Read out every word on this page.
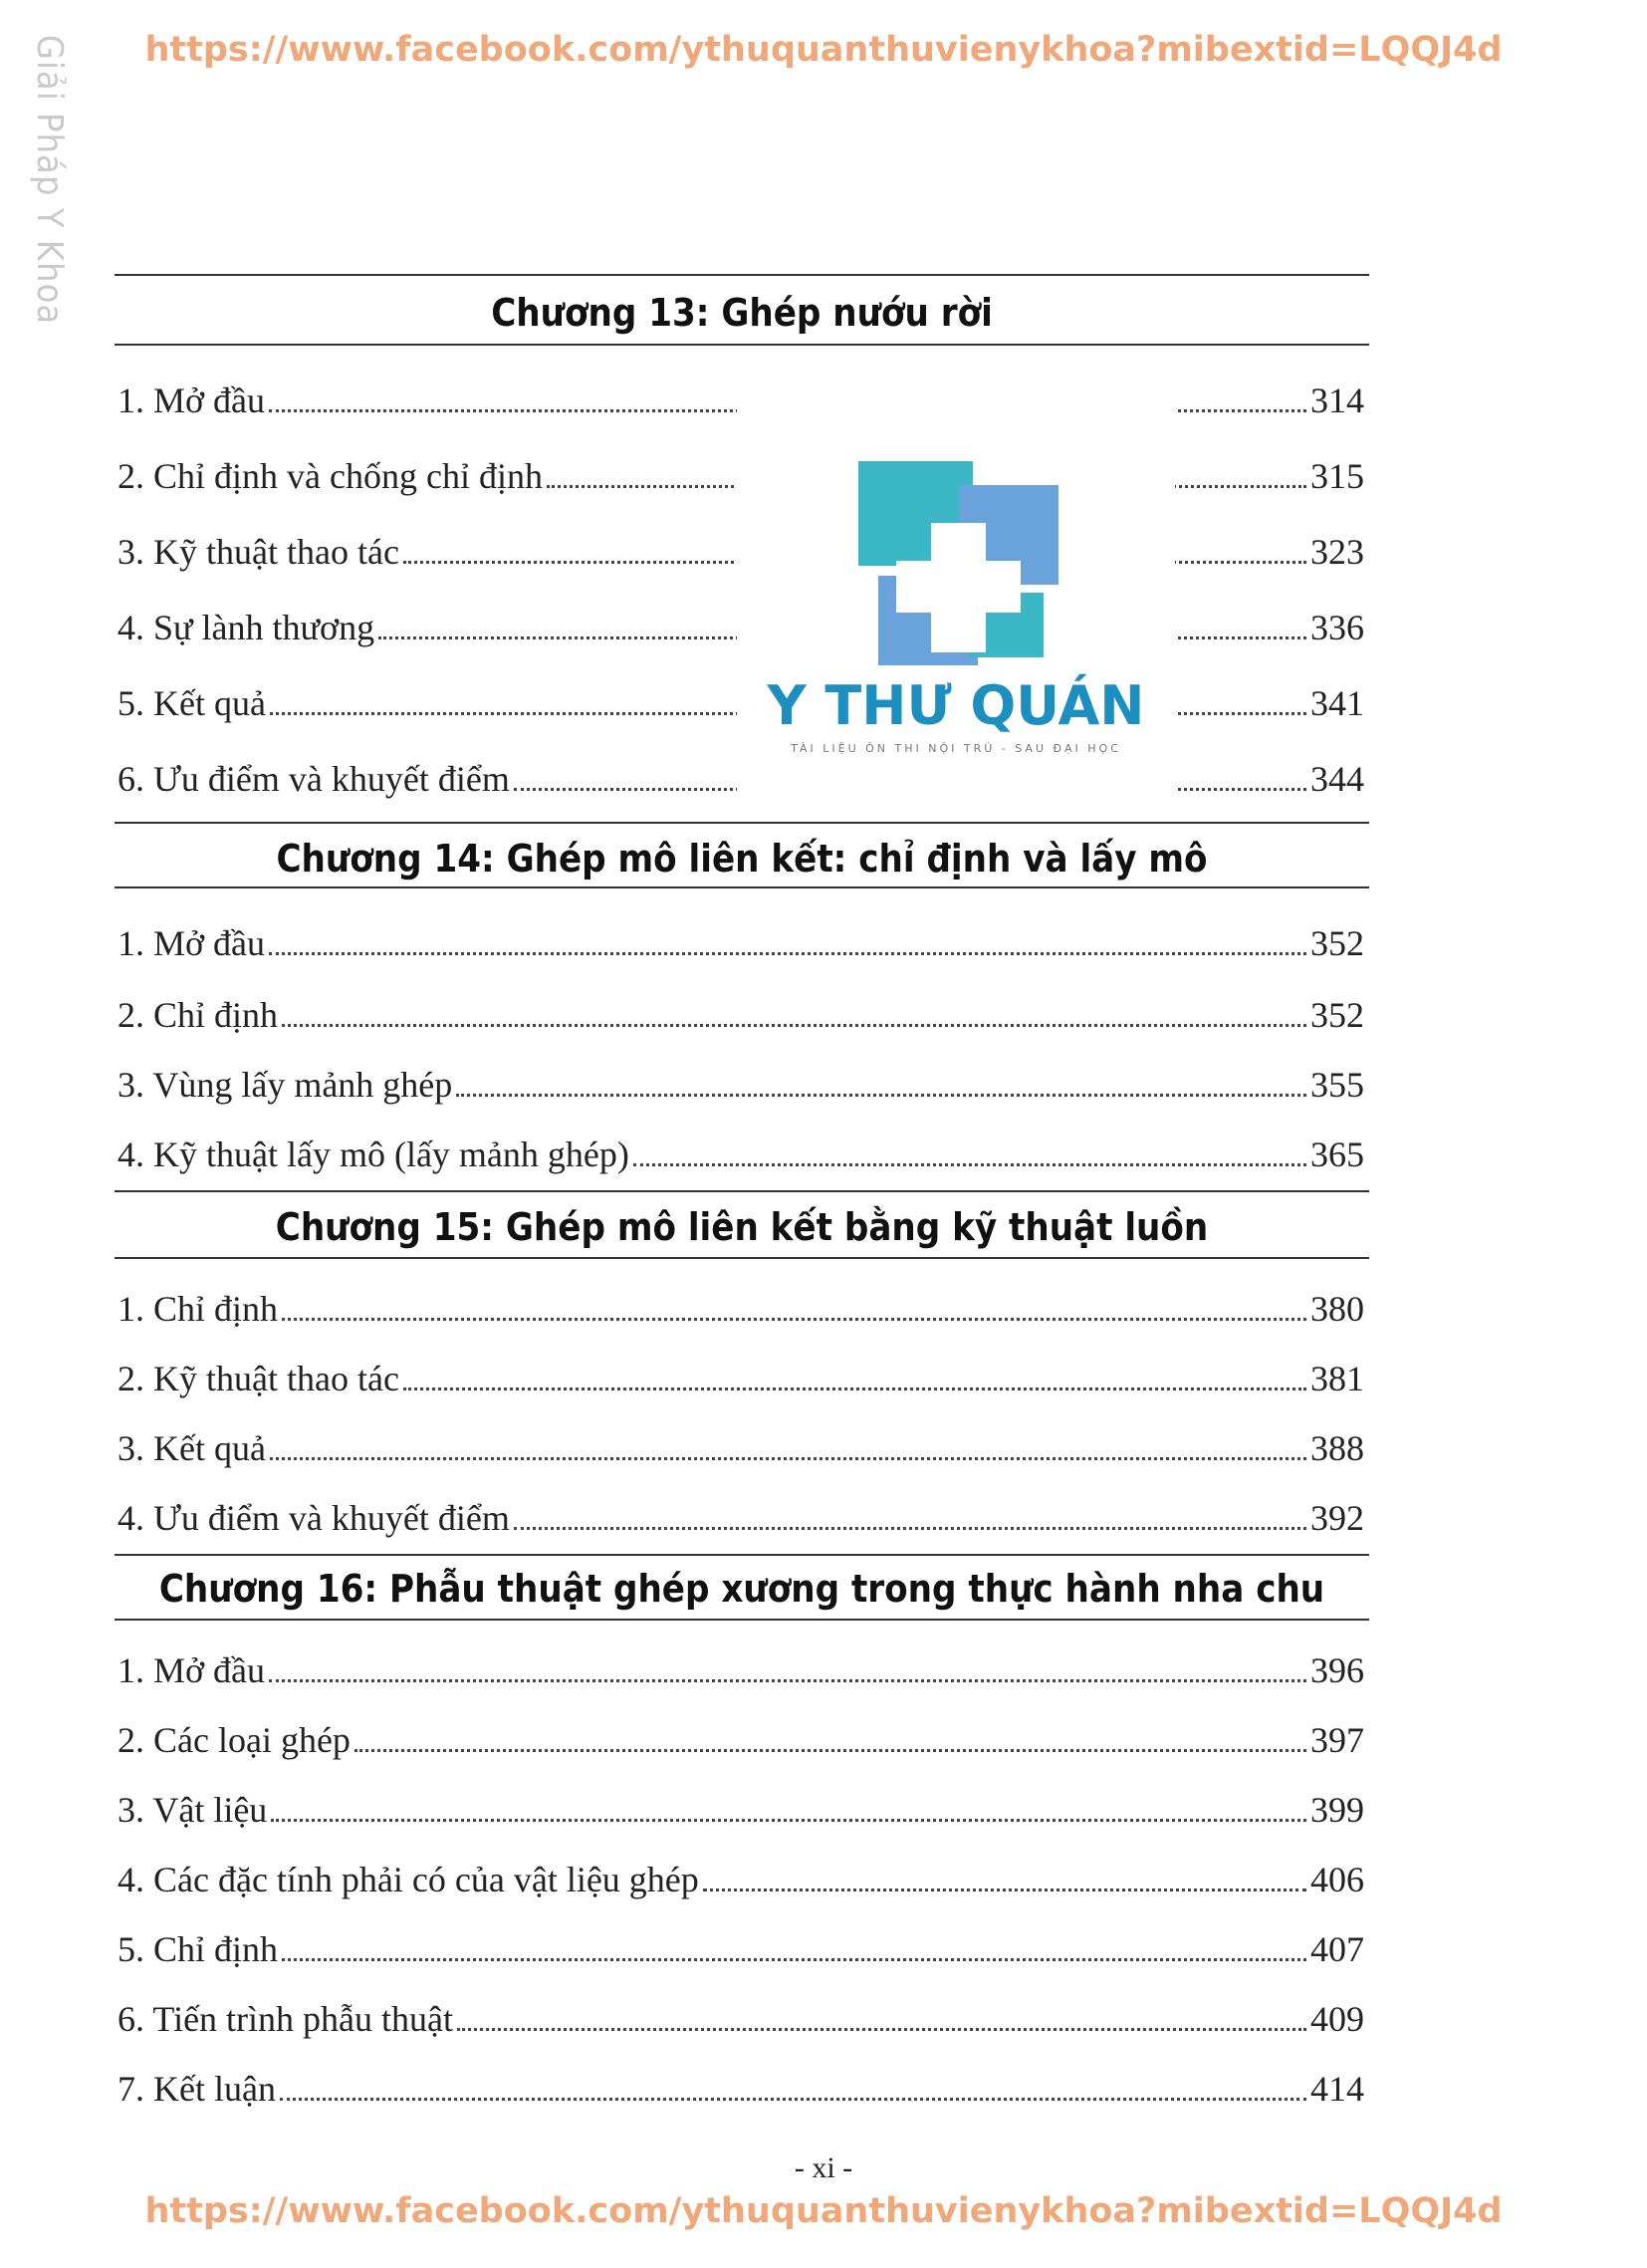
Giải Pháp Y Khoa	https://www.facebook.com/ythuquanthuvienykhoa?mibextid=LQQJ4d
Chương 13: Ghép nướu rời
1. Mở đầu	314
2. Chỉ định và chống chỉ định	315
3. Kỹ thuật thao tác	323
4. Sự lành thương	336
5. Kết quả	341
6. Ưu điểm và khuyết điểm	344
Y THƯ QUÁN
TÀI LIỆU ÔN THI NỘI TRÚ - SAU ĐẠI HỌC
Chương 14: Ghép mô liên kết: chỉ định và lấy mô
1. Mở đầu	352
2. Chỉ định	352
3. Vùng lấy mảnh ghép	355
4. Kỹ thuật lấy mô (lấy mảnh ghép)	365
Chương 15: Ghép mô liên kết bằng kỹ thuật luồn
1. Chỉ định	380
2. Kỹ thuật thao tác	381
3. Kết quả	388
4. Ưu điểm và khuyết điểm	392
Chương 16: Phẫu thuật ghép xương trong thực hành nha chu
1. Mở đầu	396
2. Các loại ghép	397
3. Vật liệu	399
4. Các đặc tính phải có của vật liệu ghép	406
5. Chỉ định	407
6. Tiến trình phẫu thuật	409
7. Kết luận	414
- xi -
https://www.facebook.com/ythuquanthuvienykhoa?mibextid=LQQJ4d
